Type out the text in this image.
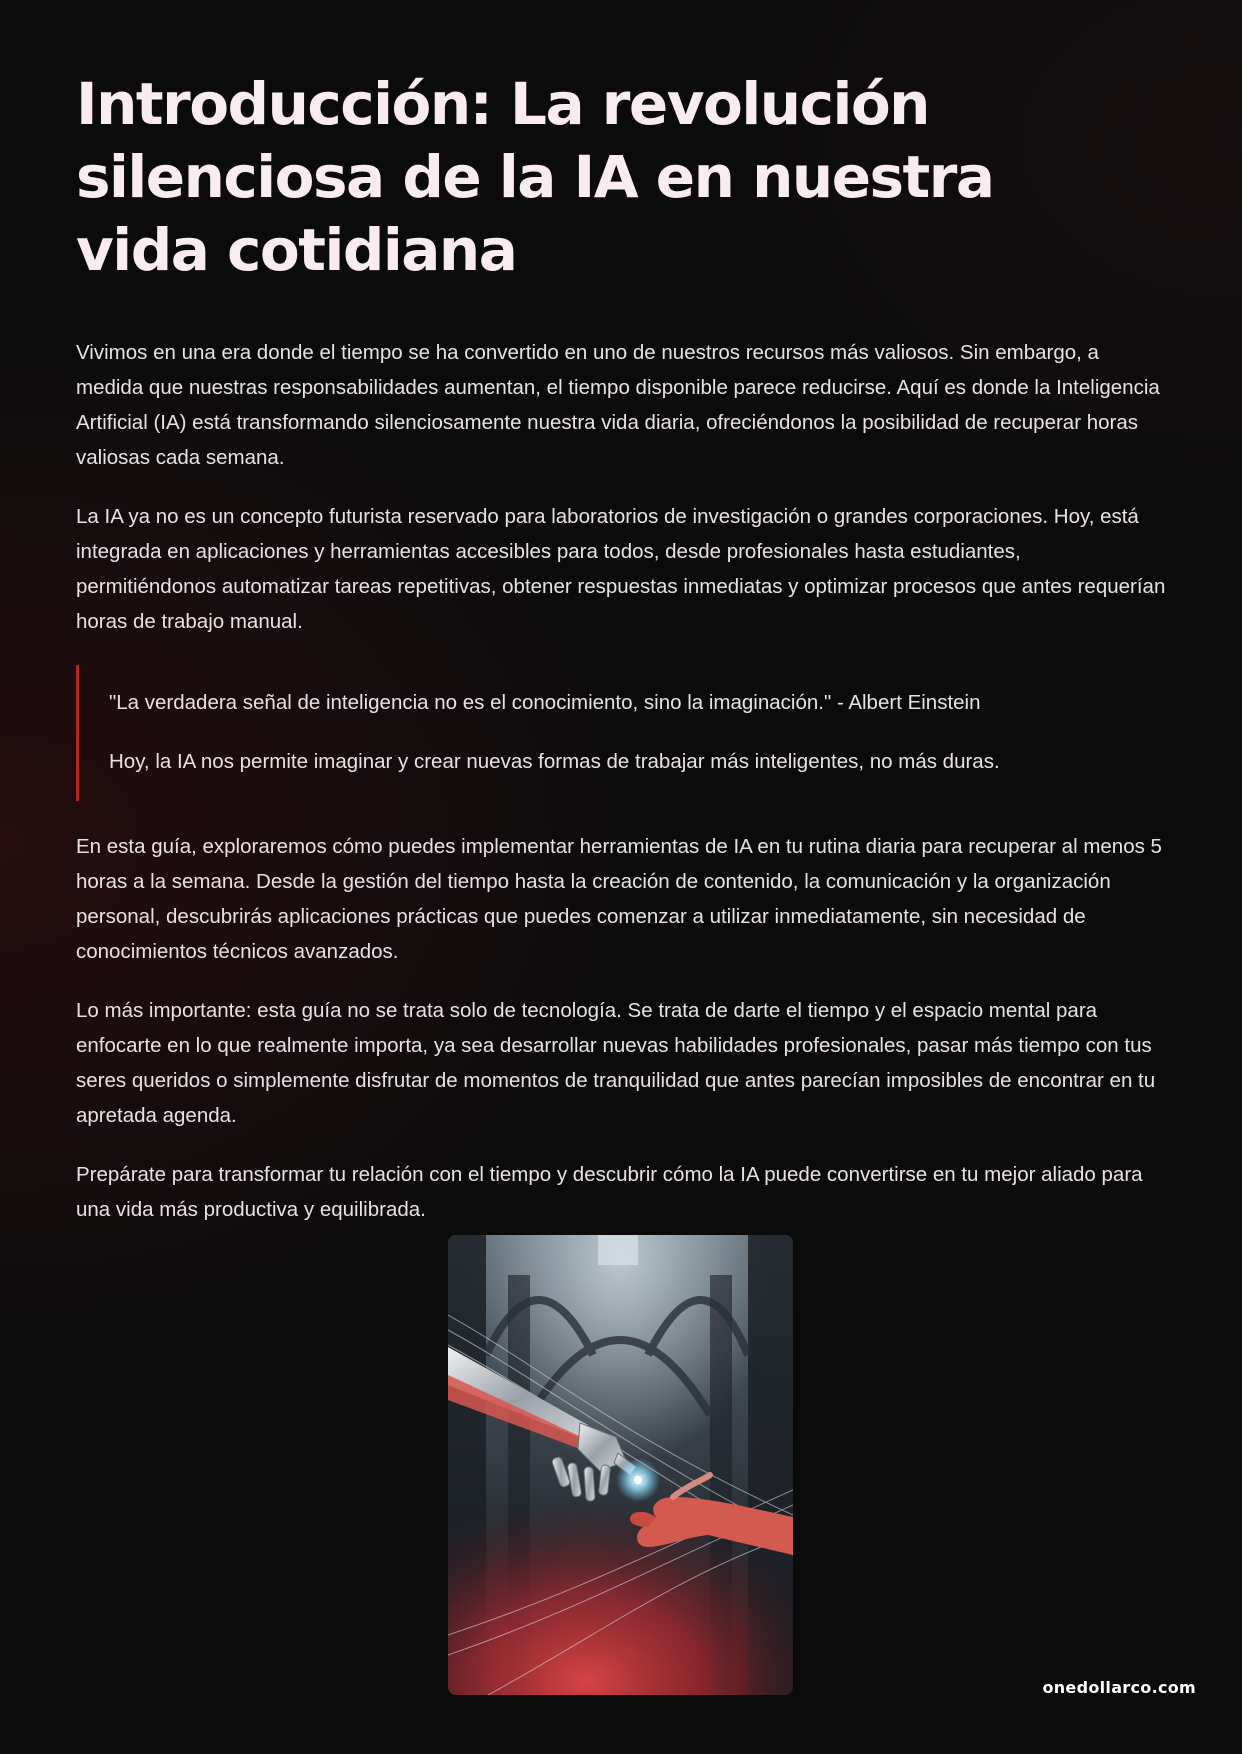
Introducción: La revolución silenciosa de la IA en nuestra vida cotidiana

Vivimos en una era donde el tiempo se ha convertido en uno de nuestros recursos más valiosos. Sin embargo, a medida que nuestras responsabilidades aumentan, el tiempo disponible parece reducirse. Aquí es donde la Inteligencia Artificial (IA) está transformando silenciosamente nuestra vida diaria, ofreciéndonos la posibilidad de recuperar horas valiosas cada semana.

La IA ya no es un concepto futurista reservado para laboratorios de investigación o grandes corporaciones. Hoy, está integrada en aplicaciones y herramientas accesibles para todos, desde profesionales hasta estudiantes, permitiéndonos automatizar tareas repetitivas, obtener respuestas inmediatas y optimizar procesos que antes requerían horas de trabajo manual.

"La verdadera señal de inteligencia no es el conocimiento, sino la imaginación." - Albert Einstein

Hoy, la IA nos permite imaginar y crear nuevas formas de trabajar más inteligentes, no más duras.

En esta guía, exploraremos cómo puedes implementar herramientas de IA en tu rutina diaria para recuperar al menos 5 horas a la semana. Desde la gestión del tiempo hasta la creación de contenido, la comunicación y la organización personal, descubrirás aplicaciones prácticas que puedes comenzar a utilizar inmediatamente, sin necesidad de conocimientos técnicos avanzados.

Lo más importante: esta guía no se trata solo de tecnología. Se trata de darte el tiempo y el espacio mental para enfocarte en lo que realmente importa, ya sea desarrollar nuevas habilidades profesionales, pasar más tiempo con tus seres queridos o simplemente disfrutar de momentos de tranquilidad que antes parecían imposibles de encontrar en tu apretada agenda.

Prepárate para transformar tu relación con el tiempo y descubrir cómo la IA puede convertirse en tu mejor aliado para una vida más productiva y equilibrada.

onedollarco.com
